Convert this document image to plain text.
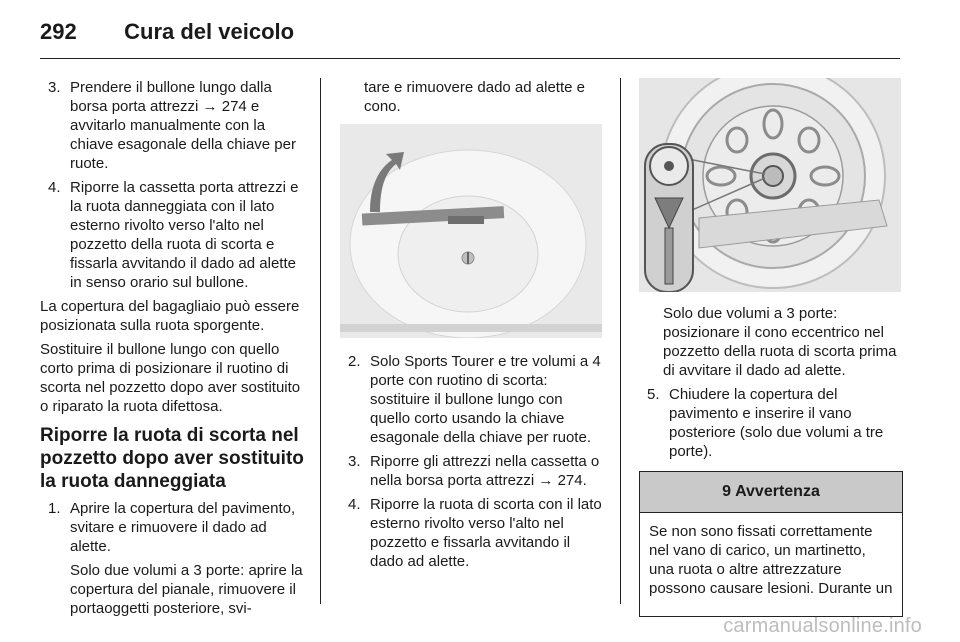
292 Cura del veicolo
3. Prendere il bullone lungo dalla borsa porta attrezzi → 274 e avvitarlo manualmente con la chiave esagonale della chiave per ruote.
4. Riporre la cassetta porta attrezzi e la ruota danneggiata con il lato esterno rivolto verso l'alto nel pozzetto della ruota di scorta e fissarla avvitando il dado ad alette in senso orario sul bullone.

La copertura del bagagliaio può essere posizionata sulla ruota sporgente.

Sostituire il bullone lungo con quello corto prima di posizionare il ruotino di scorta nel pozzetto dopo aver sostituito o riparato la ruota difettosa.

Riporre la ruota di scorta nel pozzetto dopo aver sostituito la ruota danneggiata
1. Aprire la copertura del pavimento, svitare e rimuovere il dado ad alette.
Solo due volumi a 3 porte: aprire la copertura del pianale, rimuovere il portaoggetti posteriore, svi-
tare e rimuovere dado ad alette e cono.
2. Solo Sports Tourer e tre volumi a 4 porte con ruotino di scorta: sostituire il bullone lungo con quello corto usando la chiave esagonale della chiave per ruote.
3. Riporre gli attrezzi nella cassetta o nella borsa porta attrezzi → 274.
4. Riporre la ruota di scorta con il lato esterno rivolto verso l'alto nel pozzetto e fissarla avvitando il dado ad alette.
Solo due volumi a 3 porte: posizionare il cono eccentrico nel pozzetto della ruota di scorta prima di avvitare il dado ad alette.
5. Chiudere la copertura del pavimento e inserire il vano posteriore (solo due volumi a tre porte).
9 Avvertenza
Se non sono fissati correttamente nel vano di carico, un martinetto, una ruota o altre attrezzature possono causare lesioni. Durante un
carmanualsonline.info
